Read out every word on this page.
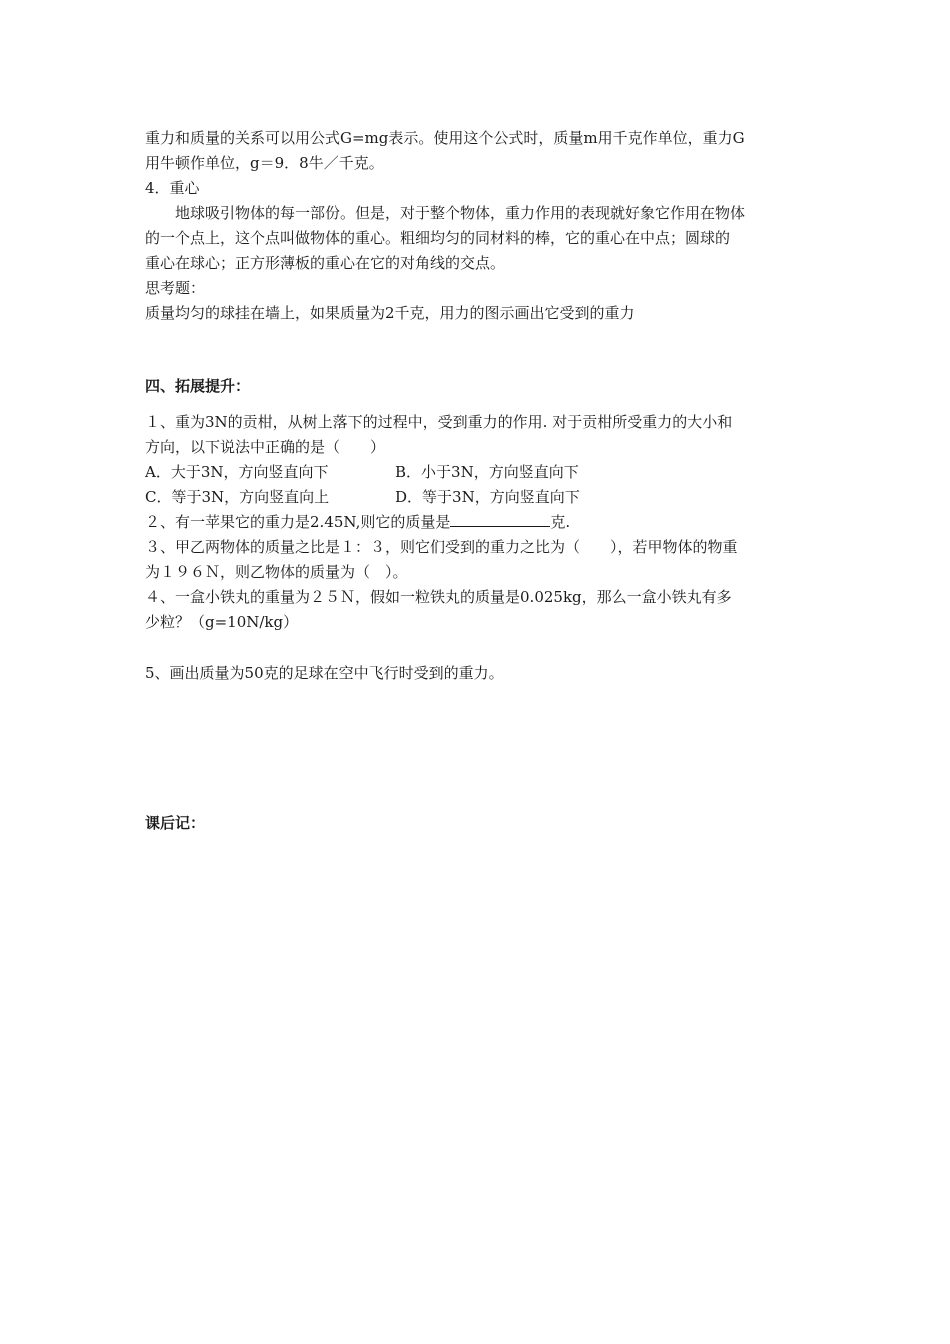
重力和质量的关系可以用公式G=mg表示。使用这个公式时，质量m用千克作单位，重力G
用牛顿作单位，g＝9．8牛／千克。
4．重心
地球吸引物体的每一部份。但是，对于整个物体，重力作用的表现就好象它作用在物体
的一个点上，这个点叫做物体的重心。粗细均匀的同材料的棒，它的重心在中点；圆球的
重心在球心；正方形薄板的重心在它的对角线的交点。
思考题：
质量均匀的球挂在墙上，如果质量为2千克，用力的图示画出它受到的重力
四、拓展提升：
１、重为3N的贡柑，从树上落下的过程中，受到重力的作用. 对于贡柑所受重力的大小和
方向，以下说法中正确的是（　　）
A．大于3N，方向竖直向下	B．小于3N，方向竖直向下
C．等于3N，方向竖直向上	D．等于3N，方向竖直向下
２、有一苹果它的重力是2.45N,则它的质量是	克.
３、甲乙两物体的质量之比是１：３，则它们受到的重力之比为（　　），若甲物体的物重
为１９６Ｎ，则乙物体的质量为（　）。
４、一盒小铁丸的重量为２５Ｎ，假如一粒铁丸的质量是0.025kg，那么一盒小铁丸有多
少粒？（g=10N/kg）
5、画出质量为50克的足球在空中飞行时受到的重力。
课后记：
